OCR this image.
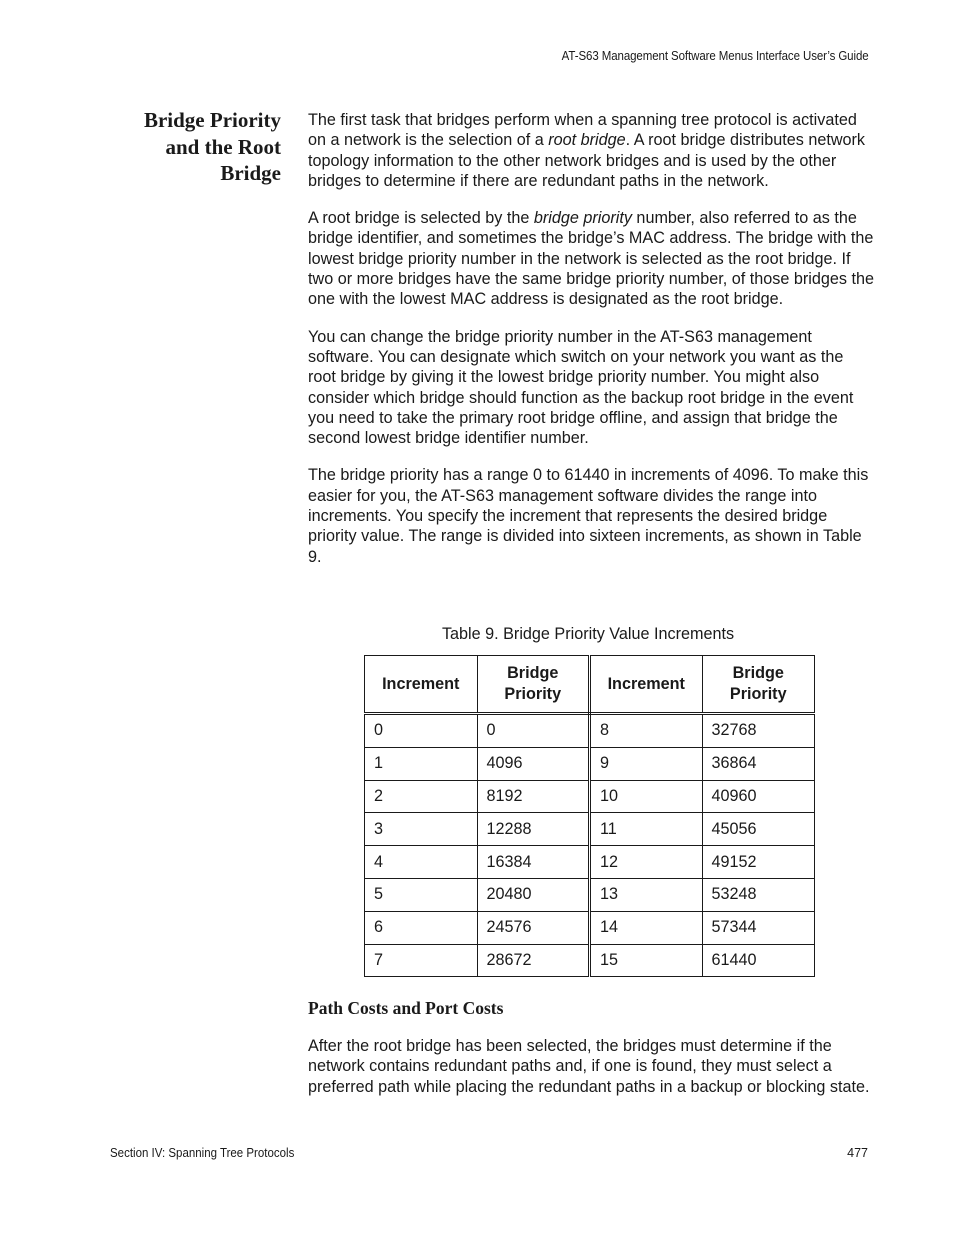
AT-S63 Management Software Menus Interface User’s Guide
Bridge Priority
and the Root
Bridge

The first task that bridges perform when a spanning tree protocol is activated on a network is the selection of a root bridge. A root bridge distributes network topology information to the other network bridges and is used by the other bridges to determine if there are redundant paths in the network.

A root bridge is selected by the bridge priority number, also referred to as the bridge identifier, and sometimes the bridge’s MAC address. The bridge with the lowest bridge priority number in the network is selected as the root bridge. If two or more bridges have the same bridge priority number, of those bridges the one with the lowest MAC address is designated as the root bridge.

You can change the bridge priority number in the AT-S63 management software. You can designate which switch on your network you want as the root bridge by giving it the lowest bridge priority number. You might also consider which bridge should function as the backup root bridge in the event you need to take the primary root bridge offline, and assign that bridge the second lowest bridge identifier number.

The bridge priority has a range 0 to 61440 in increments of 4096. To make this easier for you, the AT-S63 management software divides the range into increments. You specify the increment that represents the desired bridge priority value. The range is divided into sixteen increments, as shown in Table 9.

Table 9. Bridge Priority Value Increments
Increment	Bridge Priority	Increment	Bridge Priority
0	0	8	32768
1	4096	9	36864
2	8192	10	40960
3	12288	11	45056
4	16384	12	49152
5	20480	13	53248
6	24576	14	57344
7	28672	15	61440
Path Costs and Port Costs

After the root bridge has been selected, the bridges must determine if the network contains redundant paths and, if one is found, they must select a preferred path while placing the redundant paths in a backup or blocking state.

Section IV: Spanning Tree Protocols	477
